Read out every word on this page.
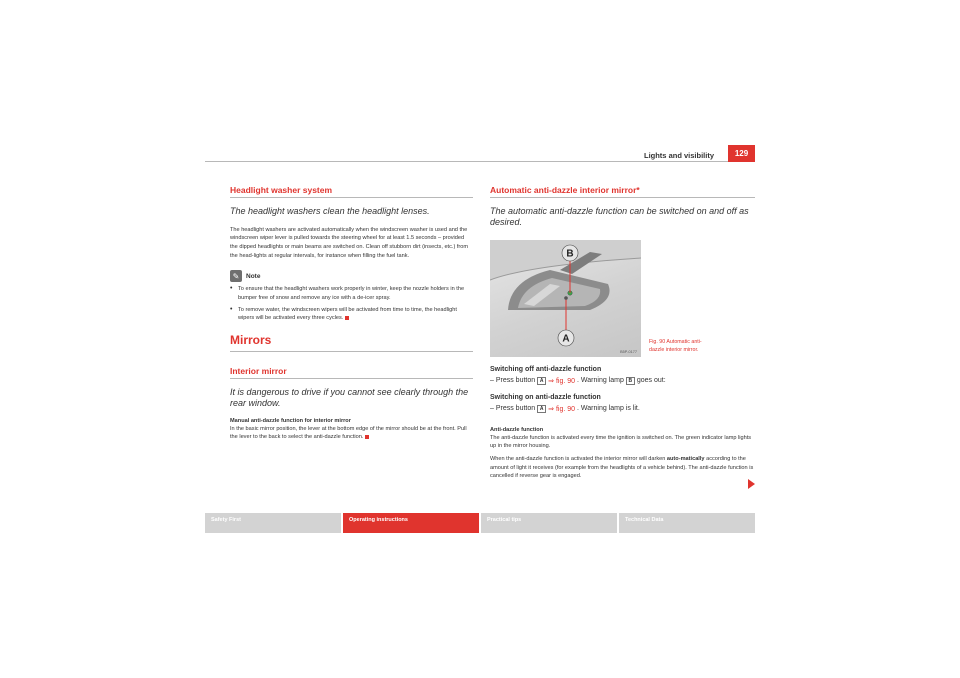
Lights and visibility	129
Headlight washer system
The headlight washers clean the headlight lenses.

The headlight washers are activated automatically when the windscreen washer is used and the windscreen wiper lever is pulled towards the steering wheel for at least 1.5 seconds – provided the dipped headlights or main beams are switched on. Clean off stubborn dirt (insects, etc.) from the head-lights at regular intervals, for instance when filling the fuel tank.

✎	Note
• To ensure that the headlight washers work properly in winter, keep the nozzle holders in the bumper free of snow and remove any ice with a de-icer spray.
• To remove water, the windscreen wipers will be activated from time to time, the headlight wipers will be activated every three cycles.
Mirrors
Interior mirror
It is dangerous to drive if you cannot see clearly through the rear window.
Manual anti-dazzle function for interior mirror

In the basic mirror position, the lever at the bottom edge of the mirror should be at the front. Pull the lever to the back to select the anti-dazzle function.

Automatic anti-dazzle interior mirror*
The automatic anti-dazzle function can be switched on and off as desired.
B
A
B5P-0177
Fig. 90 Automatic anti-dazzle interior mirror.
Switching off anti-dazzle function
– Press button A ⇒ fig. 90 . Warning lamp B goes out:
Switching on anti-dazzle function
– Press button A ⇒ fig. 90 . Warning lamp is lit.
Anti-dazzle function

The anti-dazzle function is activated every time the ignition is switched on. The green indicator lamp lights up in the mirror housing.

When the anti-dazzle function is activated the interior mirror will darken auto-matically according to the amount of light it receives (for example from the headlights of a vehicle behind). The anti-dazzle function is cancelled if reverse gear is engaged.

Safety First	Operating instructions	Practical tips	Technical Data
